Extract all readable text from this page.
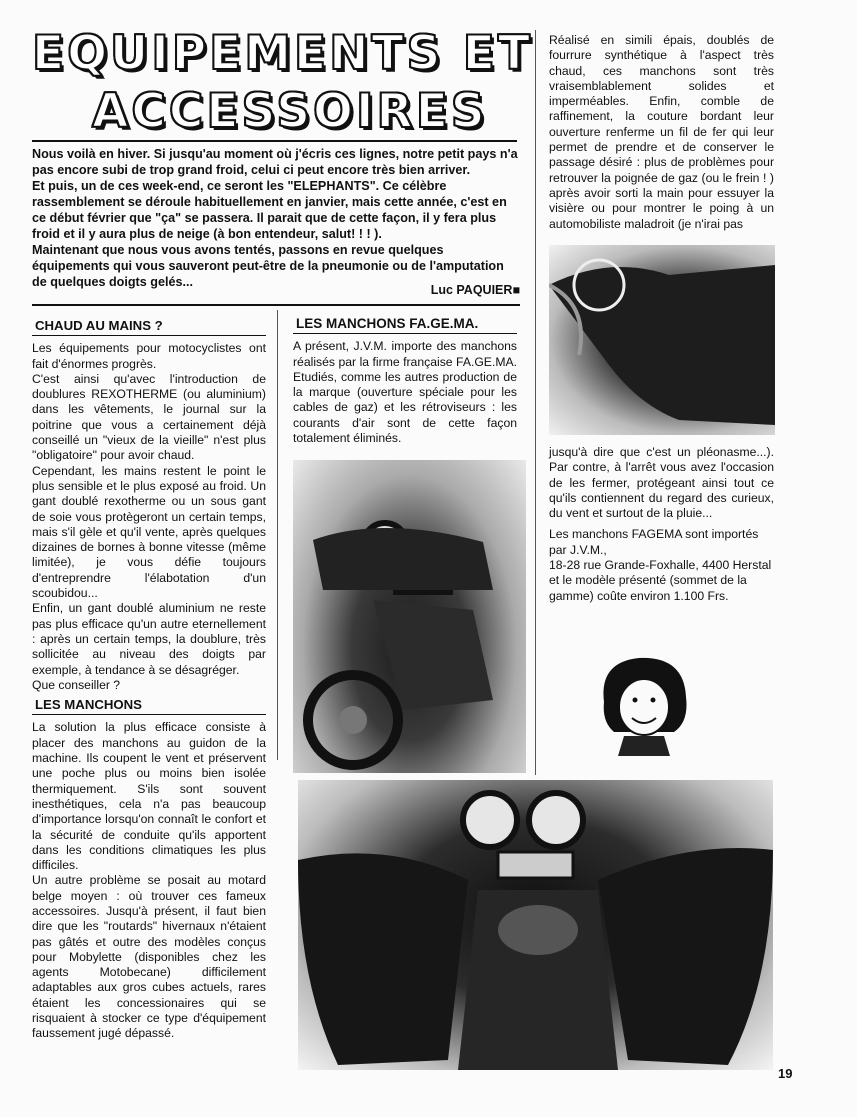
EQUIPEMENTS ET
ACCESSOIRES
Nous voilà en hiver. Si jusqu'au moment où j'écris ces lignes, notre petit pays n'a pas encore subi de trop grand froid, celui ci peut encore très bien arriver.
Et puis, un de ces week-end, ce seront les "ELEPHANTS". Ce célèbre rassemblement se déroule habituellement en janvier, mais cette année, c'est en ce début février que "ça" se passera. Il parait que de cette façon, il y fera plus froid et il y aura plus de neige (à bon entendeur, salut! ! ! ).
Maintenant que nous vous avons tentés, passons en revue quelques équipements qui vous sauveront peut-être de la pneumonie ou de l'amputation de quelques doigts gelés...
Luc PAQUIER■
CHAUD AU MAINS ?

Les équipements pour motocyclistes ont fait d'énormes progrès.

C'est ainsi qu'avec l'introduction de doublures REXOTHERME (ou aluminium) dans les vêtements, le journal sur la poitrine que vous a certainement déjà conseillé un "vieux de la vieille" n'est plus "obligatoire" pour avoir chaud.

Cependant, les mains restent le point le plus sensible et le plus exposé au froid. Un gant doublé rexotherme ou un sous gant de soie vous protègeront un certain temps, mais s'il gèle et qu'il vente, après quelques dizaines de bornes à bonne vitesse (même limitée), je vous défie toujours d'entreprendre l'élabotation d'un scoubidou...

Enfin, un gant doublé aluminium ne reste pas plus efficace qu'un autre eternellement : après un certain temps, la doublure, très sollicitée au niveau des doigts par exemple, à tendance à se désagréger.

Que conseiller ?

LES MANCHONS

La solution la plus efficace consiste à placer des manchons au guidon de la machine. Ils coupent le vent et préservent une poche plus ou moins bien isolée thermiquement. S'ils sont souvent inesthétiques, cela n'a pas beaucoup d'importance lorsqu'on connaît le confort et la sécurité de conduite qu'ils apportent dans les conditions climatiques les plus difficiles.

Un autre problème se posait au motard belge moyen : où trouver ces fameux accessoires. Jusqu'à présent, il faut bien dire que les "routards" hivernaux n'étaient pas gâtés et outre des modèles conçus pour Mobylette (disponibles chez les agents Motobecane) difficilement adaptables aux gros cubes actuels, rares étaient les concessionaires qui se risquaient à stocker ce type d'équipement faussement jugé dépassé.

LES MANCHONS FA.GE.MA.

A présent, J.V.M. importe des manchons réalisés par la firme française FA.GE.MA. Etudiés, comme les autres production de la marque (ouverture spéciale pour les cables de gaz) et les rétroviseurs : les courants d'air sont de cette façon totalement éliminés.

Réalisé en simili épais, doublés de fourrure synthétique à l'aspect très chaud, ces manchons sont très vraisemblablement solides et imperméables. Enfin, comble de raffinement, la couture bordant leur ouverture renferme un fil de fer qui leur permet de prendre et de conserver le passage désiré : plus de problèmes pour retrouver la poignée de gaz (ou le frein ! ) après avoir sorti la main pour essuyer la visière ou pour montrer le poing à un automobiliste maladroit (je n'irai pas

jusqu'à dire que c'est un pléonasme...). Par contre, à l'arrêt vous avez l'occasion de les fermer, protégeant ainsi tout ce qu'ils contiennent du regard des curieux, du vent et surtout de la pluie...

Les manchons FAGEMA sont importés par J.V.M.,

18-28 rue Grande-Foxhalle, 4400 Herstal

et le modèle présenté (sommet de la gamme) coûte environ 1.100 Frs.

19
